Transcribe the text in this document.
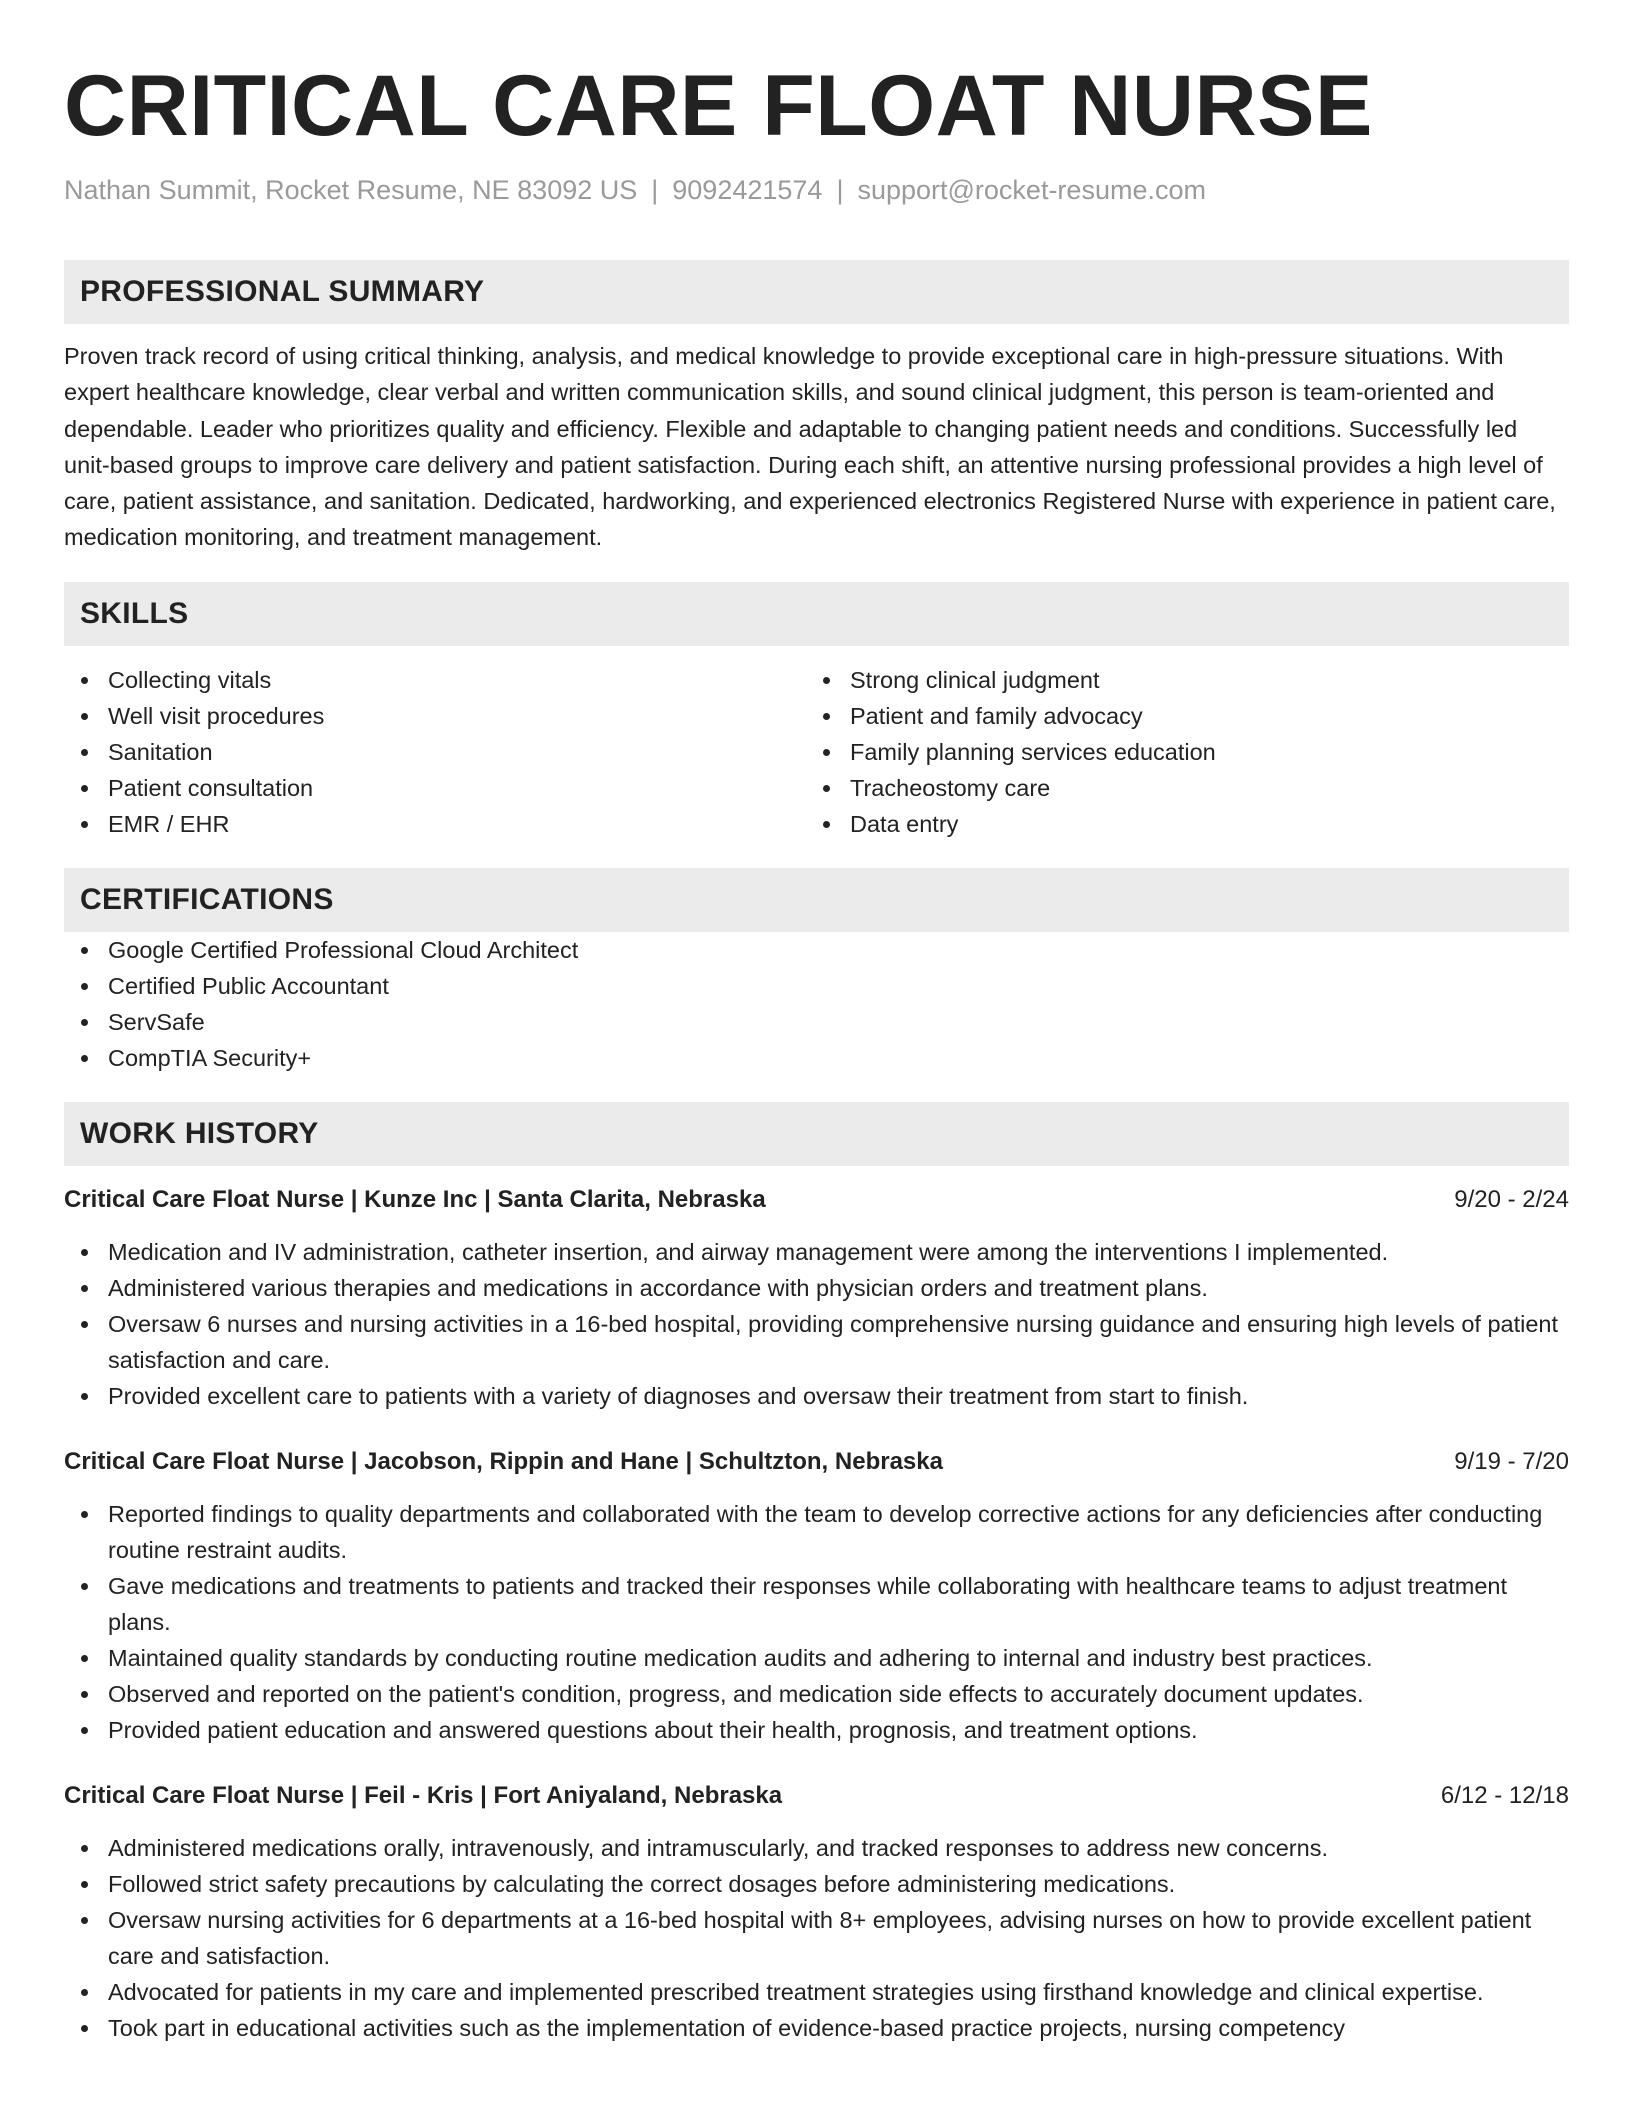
CRITICAL CARE FLOAT NURSE
Nathan Summit, Rocket Resume, NE 83092 US | 9092421574 | support@rocket-resume.com
PROFESSIONAL SUMMARY

Proven track record of using critical thinking, analysis, and medical knowledge to provide exceptional care in high-pressure situations. With expert healthcare knowledge, clear verbal and written communication skills, and sound clinical judgment, this person is team-oriented and dependable. Leader who prioritizes quality and efficiency. Flexible and adaptable to changing patient needs and conditions. Successfully led unit-based groups to improve care delivery and patient satisfaction. During each shift, an attentive nursing professional provides a high level of care, patient assistance, and sanitation. Dedicated, hardworking, and experienced electronics Registered Nurse with experience in patient care, medication monitoring, and treatment management.

SKILLS
Collecting vitals
Well visit procedures
Sanitation
Patient consultation
EMR / EHR
Strong clinical judgment
Patient and family advocacy
Family planning services education
Tracheostomy care
Data entry
CERTIFICATIONS
Google Certified Professional Cloud Architect
Certified Public Accountant
ServSafe
CompTIA Security+
WORK HISTORY
Critical Care Float Nurse | Kunze Inc | Santa Clarita, Nebraska	9/20 - 2/24
Medication and IV administration, catheter insertion, and airway management were among the interventions I implemented.
Administered various therapies and medications in accordance with physician orders and treatment plans.
Oversaw 6 nurses and nursing activities in a 16-bed hospital, providing comprehensive nursing guidance and ensuring high levels of patient satisfaction and care.
Provided excellent care to patients with a variety of diagnoses and oversaw their treatment from start to finish.
Critical Care Float Nurse | Jacobson, Rippin and Hane | Schultzton, Nebraska	9/19 - 7/20
Reported findings to quality departments and collaborated with the team to develop corrective actions for any deficiencies after conducting routine restraint audits.
Gave medications and treatments to patients and tracked their responses while collaborating with healthcare teams to adjust treatment plans.
Maintained quality standards by conducting routine medication audits and adhering to internal and industry best practices.
Observed and reported on the patient's condition, progress, and medication side effects to accurately document updates.
Provided patient education and answered questions about their health, prognosis, and treatment options.
Critical Care Float Nurse | Feil - Kris | Fort Aniyaland, Nebraska	6/12 - 12/18
Administered medications orally, intravenously, and intramuscularly, and tracked responses to address new concerns.
Followed strict safety precautions by calculating the correct dosages before administering medications.
Oversaw nursing activities for 6 departments at a 16-bed hospital with 8+ employees, advising nurses on how to provide excellent patient care and satisfaction.
Advocated for patients in my care and implemented prescribed treatment strategies using firsthand knowledge and clinical expertise.
Took part in educational activities such as the implementation of evidence-based practice projects, nursing competency
